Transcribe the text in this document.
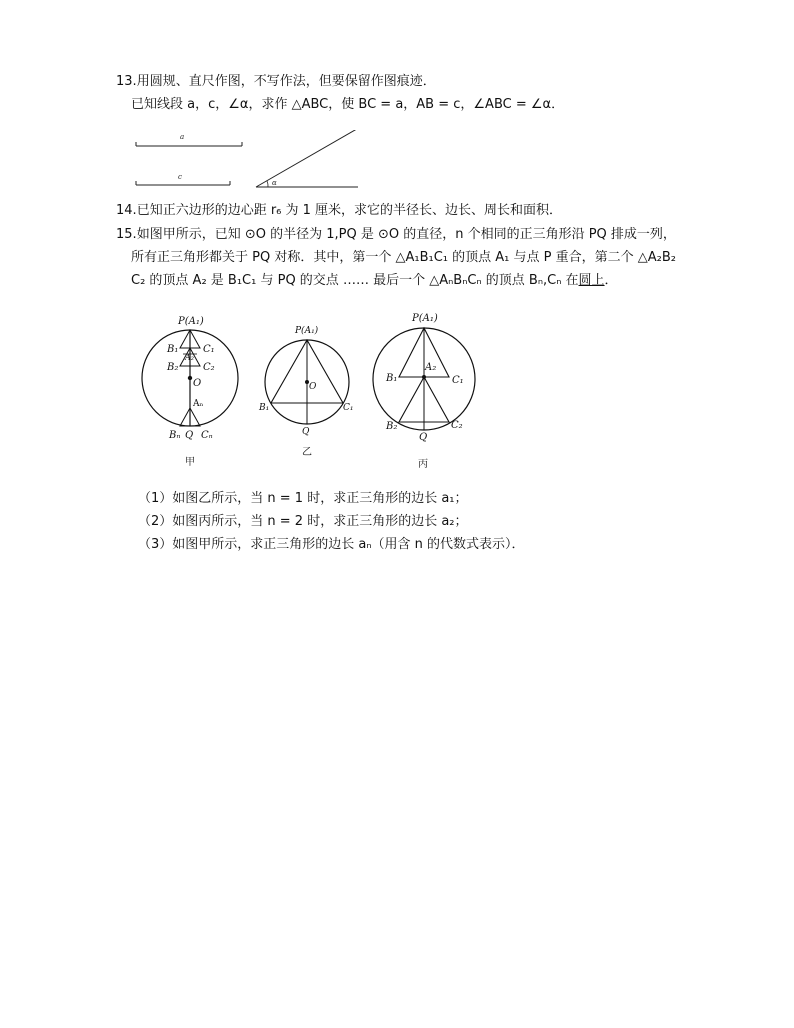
13.用圆规、直尺作图，不写作法，但要保留作图痕迹．
已知线段 a，c，∠α，求作 △ABC，使 BC = a，AB = c，∠ABC = ∠α．
a
c
α
14.已知正六边形的边心距 r₆ 为 1 厘米，求它的半径长、边长、周长和面积．
15.如图甲所示，已知 ⊙O 的半径为 1,PQ 是 ⊙O 的直径，n 个相同的正三角形沿 PQ 排成一列，
所有正三角形都关于 PQ 对称．其中，第一个 △A₁B₁C₁ 的顶点 A₁ 与点 P 重合，第二个 △A₂B₂
C₂ 的顶点 A₂ 是 B₁C₁ 与 PQ 的交点 …… 最后一个 △AₙBₙCₙ 的顶点 Bₙ,Cₙ 在圆上．
P(A₁)
B₁ C₁
A₂
B₂ C₂
O
Aₙ
Bₙ Q Cₙ
甲
P(A₁)
O
B₁	C₁
Q
乙
P(A₁)
A₂
B₁	C₁
B₂	C₂
Q
丙
（1）如图乙所示，当 n = 1 时，求正三角形的边长 a₁；
（2）如图丙所示，当 n = 2 时，求正三角形的边长 a₂；
（3）如图甲所示，求正三角形的边长 aₙ（用含 n 的代数式表示）．
